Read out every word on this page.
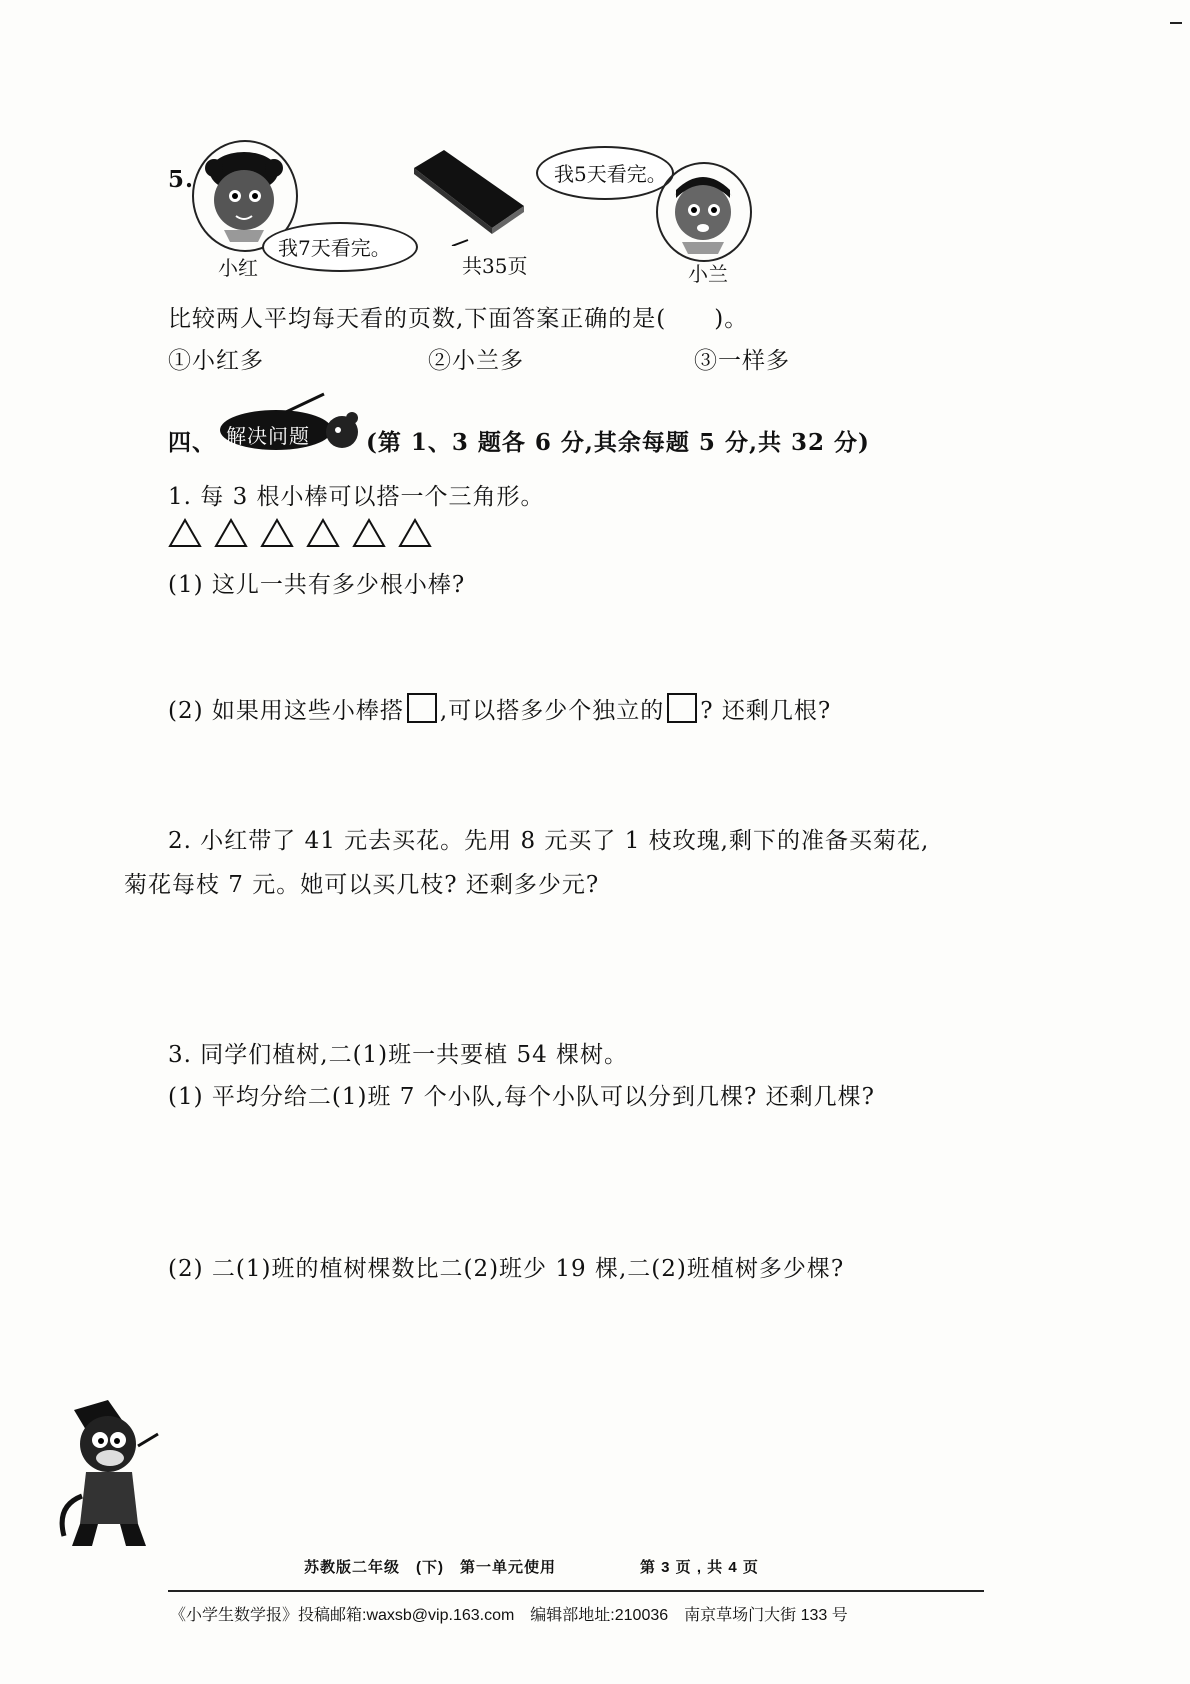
5.
我7天看完。
小红	共35页
我5天看完。
小兰
比较两人平均每天看的页数,下面答案正确的是(　　)。
①小红多	②小兰多	③一样多
四、 解决问题 (第 1、3 题各 6 分,其余每题 5 分,共 32 分)
1. 每 3 根小棒可以搭一个三角形。
(1) 这儿一共有多少根小棒?
(2) 如果用这些小棒搭 ,可以搭多少个独立的 ? 还剩几根?
2. 小红带了 41 元去买花。先用 8 元买了 1 枝玫瑰,剩下的准备买菊花,
菊花每枝 7 元。她可以买几枝? 还剩多少元?
3. 同学们植树,二(1)班一共要植 54 棵树。
(1) 平均分给二(1)班 7 个小队,每个小队可以分到几棵? 还剩几棵?
(2) 二(1)班的植树棵数比二(2)班少 19 棵,二(2)班植树多少棵?
苏教版二年级　(下)　第一单元使用	第 3 页 , 共 4 页
《小学生数学报》投稿邮箱:waxsb@vip.163.com　编辑部地址:210036　南京草场门大街 133 号
